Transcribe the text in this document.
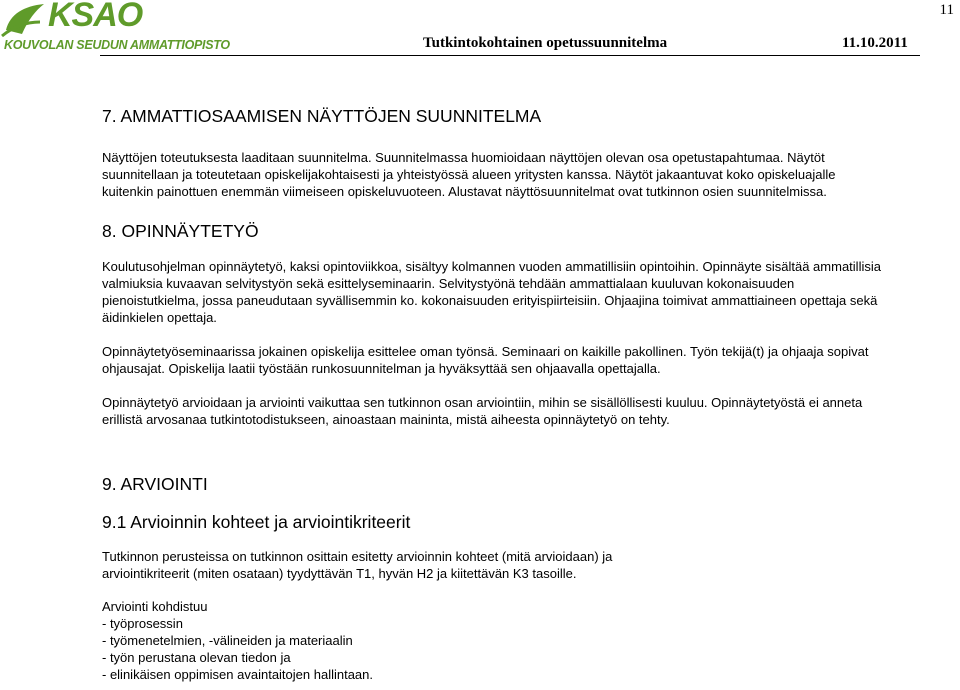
KSAO
KOUVOLAN SEUDUN AMMATTIOPISTO
11
Tutkintokohtainen opetussuunnitelma	11.10.2011
7. AMMATTIOSAAMISEN NÄYTTÖJEN SUUNNITELMA

Näyttöjen toteutuksesta laaditaan suunnitelma. Suunnitelmassa huomioidaan näyttöjen olevan osa opetustapahtumaa. Näytöt
suunnitellaan ja toteutetaan opiskelijakohtaisesti ja yhteistyössä alueen yritysten kanssa. Näytöt jakaantuvat koko opiskeluajalle
kuitenkin painottuen enemmän viimeiseen opiskeluvuoteen. Alustavat näyttösuunnitelmat ovat tutkinnon osien suunnitelmissa.

8. OPINNÄYTETYÖ

Koulutusohjelman opinnäytetyö, kaksi opintoviikkoa, sisältyy kolmannen vuoden ammatillisiin opintoihin. Opinnäyte sisältää ammatillisia
valmiuksia kuvaavan selvitystyön sekä esittelyseminaarin. Selvitystyönä tehdään ammattialaan kuuluvan kokonaisuuden
pienoistutkielma, jossa paneudutaan syvällisemmin ko. kokonaisuuden erityispiirteisiin. Ohjaajina toimivat ammattiaineen opettaja sekä
äidinkielen opettaja.

Opinnäytetyöseminaarissa jokainen opiskelija esittelee oman työnsä. Seminaari on kaikille pakollinen. Työn tekijä(t) ja ohjaaja sopivat
ohjausajat. Opiskelija laatii työstään runkosuunnitelman ja hyväksyttää sen ohjaavalla opettajalla.

Opinnäytetyö arvioidaan ja arviointi vaikuttaa sen tutkinnon osan arviointiin, mihin se sisällöllisesti kuuluu. Opinnäytetyöstä ei anneta
erillistä arvosanaa tutkintotodistukseen, ainoastaan maininta, mistä aiheesta opinnäytetyö on tehty.

9. ARVIOINTI
9.1 Arvioinnin kohteet ja arviointikriteerit

Tutkinnon perusteissa on tutkinnon osittain esitetty arvioinnin kohteet (mitä arvioidaan) ja
arviointikriteerit (miten osataan) tyydyttävän T1, hyvän H2 ja kiitettävän K3 tasoille.

Arviointi kohdistuu
- työprosessin
- työmenetelmien, -välineiden ja materiaalin
- työn perustana olevan tiedon ja
- elinikäisen oppimisen avaintaitojen hallintaan.
